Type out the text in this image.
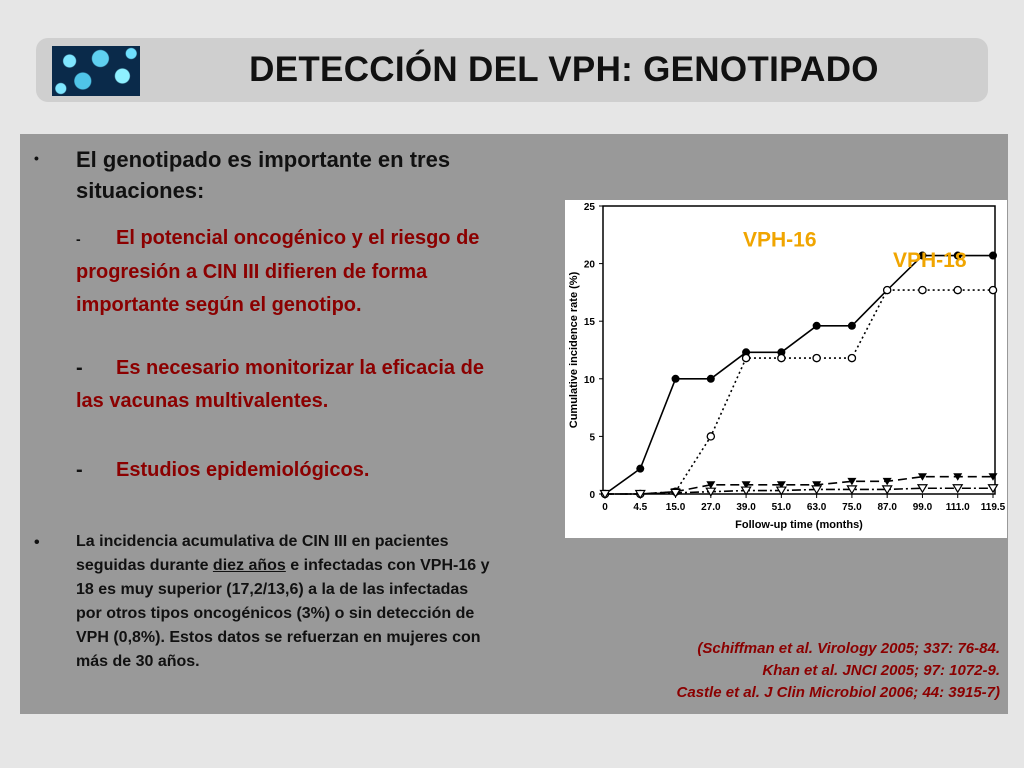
DETECCIÓN DEL VPH: GENOTIPADO
• El genotipado es importante en tres situaciones:

- El potencial oncogénico y el riesgo de progresión a CIN III difieren de forma importante según el genotipo.

- Es necesario monitorizar la eficacia de las vacunas multivalentes.

- Estudios epidemiológicos.

• La incidencia acumulativa de CIN III en pacientes seguidas durante diez años e infectadas con VPH-16 y 18 es muy superior (17,2/13,6) a la de las infectadas por otros tipos oncogénicos (3%) o sin detección de VPH (0,8%). Estos datos se refuerzan en mujeres con más de 30 años.

0
5
10
15
20
25
0	4.5 15.0 27.0 39.0 51.0 63.0 75.0 87.0 99.0 111.0 119.5
Follow-up time (months)
Cumulative incidence rate (%)
VPH-16
VPH-18
(Schiffman et al. Virology 2005; 337: 76-84.
Khan et al. JNCI 2005; 97: 1072-9.
Castle et al. J Clin Microbiol 2006; 44: 3915-7)
